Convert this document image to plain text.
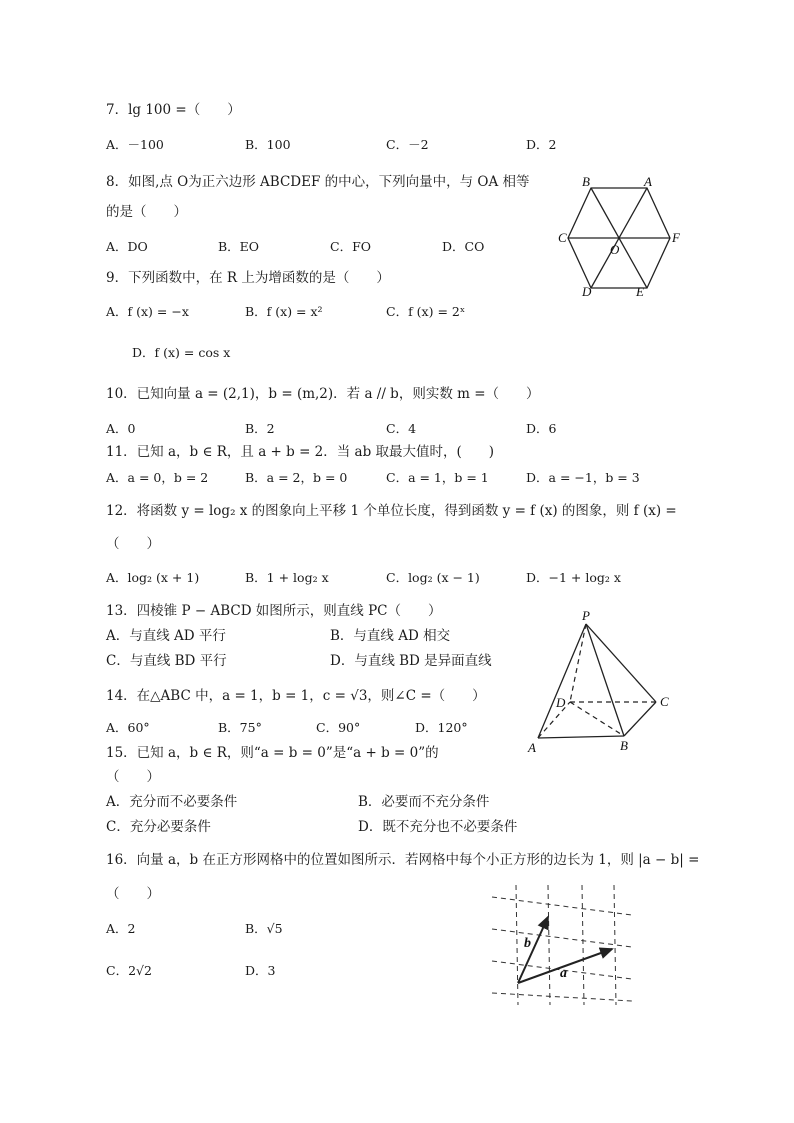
7．lg 100 =（　　）
A．－100	B．100	C．－2	D．2
8．如图,点 O为正六边形 ABCDEF 的中心，下列向量中，与 OA 相等
的是（　　）
A．DO	B．EO	C．FO	D．CO
B	A
C	F
O
D	E
9．下列函数中，在 R 上为增函数的是（　　）
A．f (x) = −x	B．f (x) = x²	C．f (x) = 2ˣ
D．f (x) = cos x
10．已知向量 a = (2,1)，b = (m,2)．若 a // b，则实数 m =（　　）
A．0	B．2	C．4	D．6
11．已知 a，b ∈ R，且 a + b = 2．当 ab 取最大值时，(　　)
A．a = 0，b = 2	B．a = 2，b = 0	C．a = 1，b = 1	D．a = −1，b = 3
12．将函数 y = log₂ x 的图象向上平移 1 个单位长度，得到函数 y = f (x) 的图象，则 f (x) =
（　　）
A．log₂ (x + 1)	B．1 + log₂ x	C．log₂ (x − 1)	D．−1 + log₂ x
13．四棱锥 P − ABCD 如图所示，则直线 PC（　　）
A．与直线 AD 平行	B．与直线 AD 相交
C．与直线 BD 平行	D．与直线 BD 是异面直线
P
D	C
A	B
14．在△ABC 中，a = 1，b = 1，c = √3，则∠C =（　　）
A．60°	B．75°	C．90°	D．120°
15．已知 a，b ∈ R，则“a = b = 0”是“a + b = 0”的
（　　）
A．充分而不必要条件	B．必要而不充分条件
C．充分必要条件	D．既不充分也不必要条件
16．向量 a，b 在正方形网格中的位置如图所示．若网格中每个小正方形的边长为 1，则 |a − b| =
（　　）
A．2	B．√5
C．2√2	D．3
b
a
